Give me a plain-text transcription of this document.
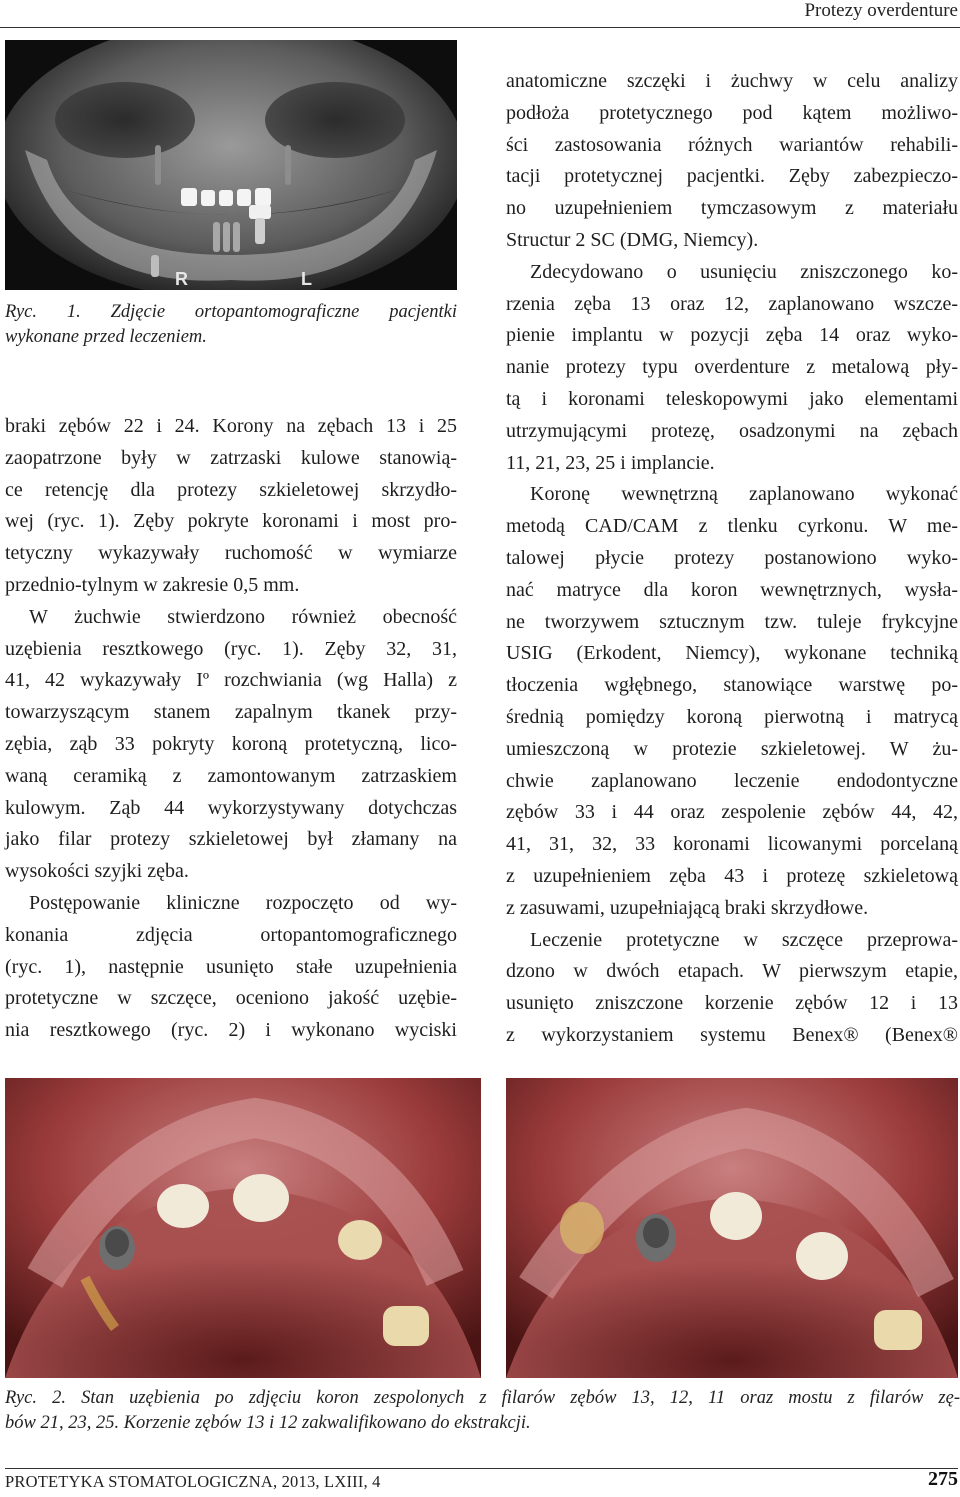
Protezy overdenture
R	L
Ryc. 1. Zdjęcie ortopantomograficzne pacjentki
wykonane przed leczeniem.

braki zębów 22 i 24. Korony na zębach 13 i 25
zaopatrzone były w zatrzaski kulowe stanowią-
ce retencję dla protezy szkieletowej skrzydło-
wej (ryc. 1). Zęby pokryte koronami i most pro-
tetyczny wykazywały ruchomość w wymiarze
przednio-tylnym w zakresie 0,5 mm.

W żuchwie stwierdzono również obecność
uzębienia resztkowego (ryc. 1). Zęby 32, 31,
41, 42 wykazywały Iº rozchwiania (wg Halla) z
towarzyszącym stanem zapalnym tkanek przy-
zębia, ząb 33 pokryty koroną protetyczną, lico-
waną ceramiką z zamontowanym zatrzaskiem
kulowym. Ząb 44 wykorzystywany dotychczas
jako filar protezy szkieletowej był złamany na
wysokości szyjki zęba.

Postępowanie kliniczne rozpoczęto od wy-
konania zdjęcia ortopantomograficznego
(ryc. 1), następnie usunięto stałe uzupełnienia
protetyczne w szczęce, oceniono jakość uzębie-
nia resztkowego (ryc. 2) i wykonano wyciski

anatomiczne szczęki i żuchwy w celu analizy
podłoża protetycznego pod kątem możliwo-
ści zastosowania różnych wariantów rehabili-
tacji protetycznej pacjentki. Zęby zabezpieczo-
no uzupełnieniem tymczasowym z materiału
Structur 2 SC (DMG, Niemcy).

Zdecydowano o usunięciu zniszczonego ko-
rzenia zęba 13 oraz 12, zaplanowano wszcze-
pienie implantu w pozycji zęba 14 oraz wyko-
nanie protezy typu overdenture z metalową pły-
tą i koronami teleskopowymi jako elementami
utrzymującymi protezę, osadzonymi na zębach
11, 21, 23, 25 i implancie.

Koronę wewnętrzną zaplanowano wykonać
metodą CAD/CAM z tlenku cyrkonu. W me-
talowej płycie protezy postanowiono wyko-
nać matryce dla koron wewnętrznych, wysła-
ne tworzywem sztucznym tzw. tuleje frykcyjne
USIG (Erkodent, Niemcy), wykonane techniką
tłoczenia wgłębnego, stanowiące warstwę po-
średnią pomiędzy koroną pierwotną i matrycą
umieszczoną w protezie szkieletowej. W żu-
chwie zaplanowano leczenie endodontyczne
zębów 33 i 44 oraz zespolenie zębów 44, 42,
41, 31, 32, 33 koronami licowanymi porcelaną
z uzupełnieniem zęba 43 i protezę szkieletową
z zasuwami, uzupełniającą braki skrzydłowe.

Leczenie protetyczne w szczęce przeprowa-
dzono w dwóch etapach. W pierwszym etapie,
usunięto zniszczone korzenie zębów 12 i 13
z wykorzystaniem systemu Benex® (Benex®

Ryc. 2. Stan uzębienia po zdjęciu koron zespolonych z filarów zębów 13, 12, 11 oraz mostu z filarów zę-
bów 21, 23, 25. Korzenie zębów 13 i 12 zakwalifikowano do ekstrakcji.
PROTETYKA STOMATOLOGICZNA, 2013, LXIII, 4	275
